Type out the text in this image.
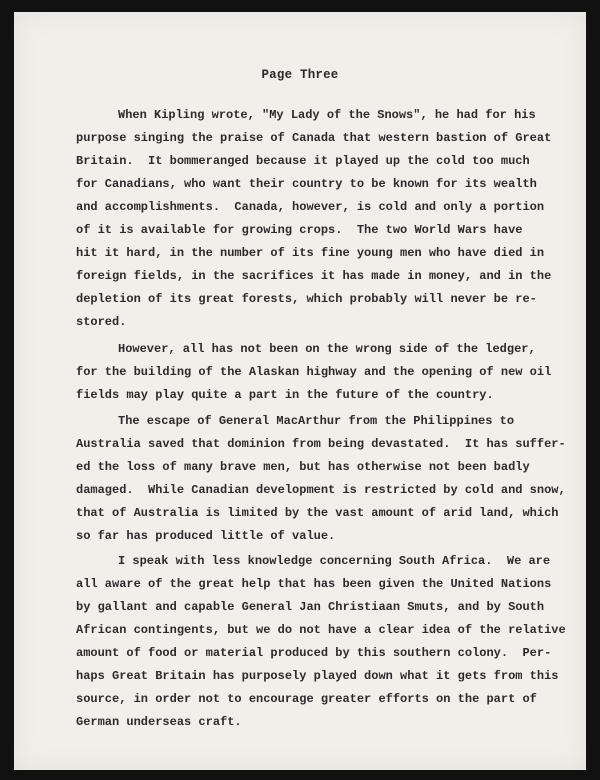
Page Three
When Kipling wrote, "My Lady of the Snows", he had for his
purpose singing the praise of Canada that western bastion of Great
Britain.  It bommeranged because it played up the cold too much
for Canadians, who want their country to be known for its wealth
and accomplishments.  Canada, however, is cold and only a portion
of it is available for growing crops.  The two World Wars have
hit it hard, in the number of its fine young men who have died in
foreign fields, in the sacrifices it has made in money, and in the
depletion of its great forests, which probably will never be re-
stored.
However, all has not been on the wrong side of the ledger,
for the building of the Alaskan highway and the opening of new oil
fields may play quite a part in the future of the country.
The escape of General MacArthur from the Philippines to
Australia saved that dominion from being devastated.  It has suffer-
ed the loss of many brave men, but has otherwise not been badly
damaged.  While Canadian development is restricted by cold and snow,
that of Australia is limited by the vast amount of arid land, which
so far has produced little of value.
I speak with less knowledge concerning South Africa.  We are
all aware of the great help that has been given the United Nations
by gallant and capable General Jan Christiaan Smuts, and by South
African contingents, but we do not have a clear idea of the relative
amount of food or material produced by this southern colony.  Per-
haps Great Britain has purposely played down what it gets from this
source, in order not to encourage greater efforts on the part of
German underseas craft.
